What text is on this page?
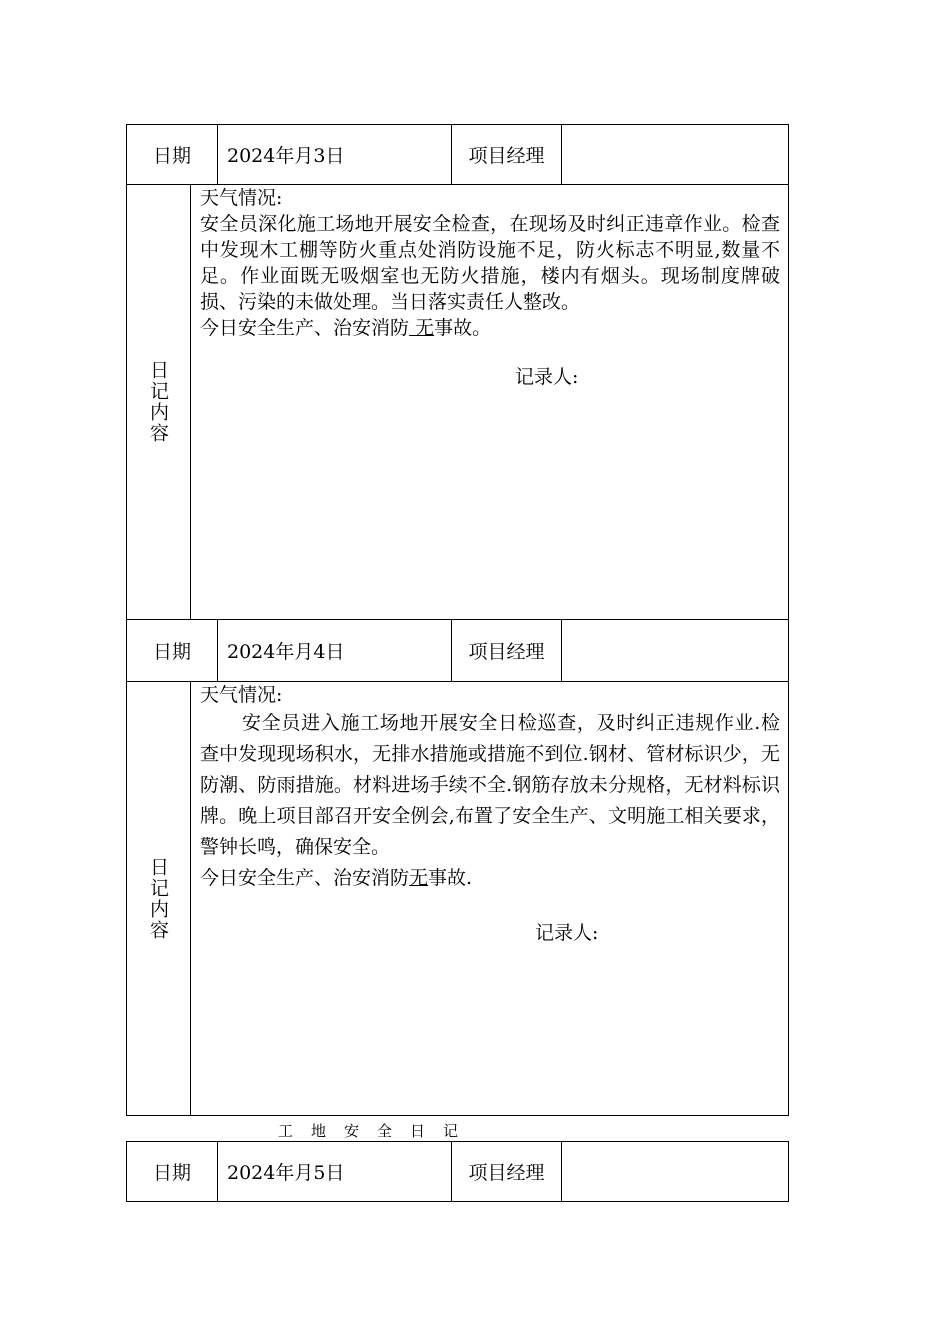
日期	2024年月3日	项目经理
日记内容
天气情况:
安全员深化施工场地开展安全检查，在现场及时纠正违章作业。检查中发现木工棚等防火重点处消防设施不足，防火标志不明显,数量不足。作业面既无吸烟室也无防火措施，楼内有烟头。现场制度牌破损、污染的未做处理。当日落实责任人整改。
今日安全生产、治安消防 无事故。
记录人:
日期	2024年月4日	项目经理
日记内容
天气情况:
安全员进入施工场地开展安全日检巡查，及时纠正违规作业.检查中发现现场积水，无排水措施或措施不到位.钢材、管材标识少，无防潮、防雨措施。材料进场手续不全.钢筋存放未分规格，无材料标识牌。晚上项目部召开安全例会,布置了安全生产、文明施工相关要求，警钟长鸣，确保安全。
今日安全生产、治安消防无事故.
记录人:
工地安全日记
日期	2024年月5日	项目经理
